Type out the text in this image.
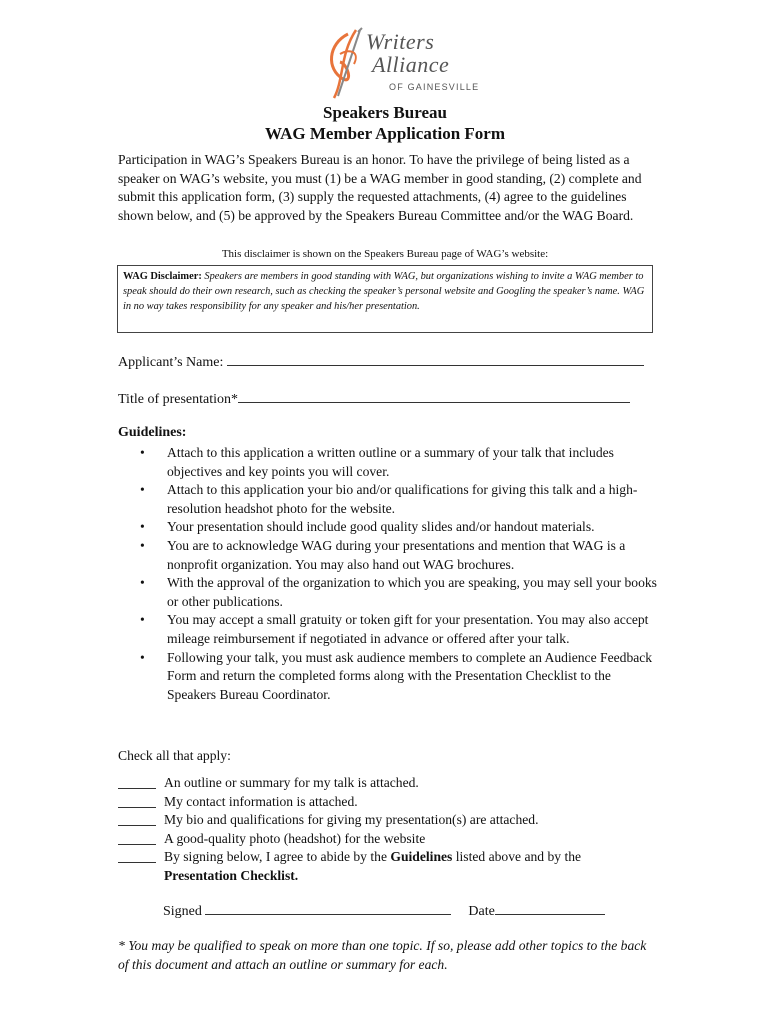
Writers
Alliance
OF GAINESVILLE
Speakers Bureau
WAG Member Application Form
Participation in WAG’s Speakers Bureau is an honor. To have the privilege of being listed as a speaker on WAG’s website, you must (1) be a WAG member in good standing, (2) complete and submit this application form, (3) supply the requested attachments, (4) agree to the guidelines shown below, and (5) be approved by the Speakers Bureau Committee and/or the WAG Board.
This disclaimer is shown on the Speakers Bureau page of WAG’s website:
WAG Disclaimer: Speakers are members in good standing with WAG, but organizations wishing to invite a WAG member to speak should do their own research, such as checking the speaker’s personal website and Googling the speaker’s name. WAG in no way takes responsibility for any speaker and his/her presentation.
Applicant’s Name:
Title of presentation*
Guidelines:
• Attach to this application a written outline or a summary of your talk that includes objectives and key points you will cover.
• Attach to this application your bio and/or qualifications for giving this talk and a high-resolution headshot photo for the website.
• Your presentation should include good quality slides and/or handout materials.
• You are to acknowledge WAG during your presentations and mention that WAG is a nonprofit organization. You may also hand out WAG brochures.
• With the approval of the organization to which you are speaking, you may sell your books or other publications.
• You may accept a small gratuity or token gift for your presentation. You may also accept mileage reimbursement if negotiated in advance or offered after your talk.
• Following your talk, you must ask audience members to complete an Audience Feedback Form and return the completed forms along with the Presentation Checklist to the Speakers Bureau Coordinator.
Check all that apply:
An outline or summary for my talk is attached.
My contact information is attached.
My bio and qualifications for giving my presentation(s) are attached.
A good-quality photo (headshot) for the website
By signing below, I agree to abide by the Guidelines listed above and by the
Presentation Checklist.
Signed	Date
* You may be qualified to speak on more than one topic. If so, please add other topics to the back of this document and attach an outline or summary for each.
